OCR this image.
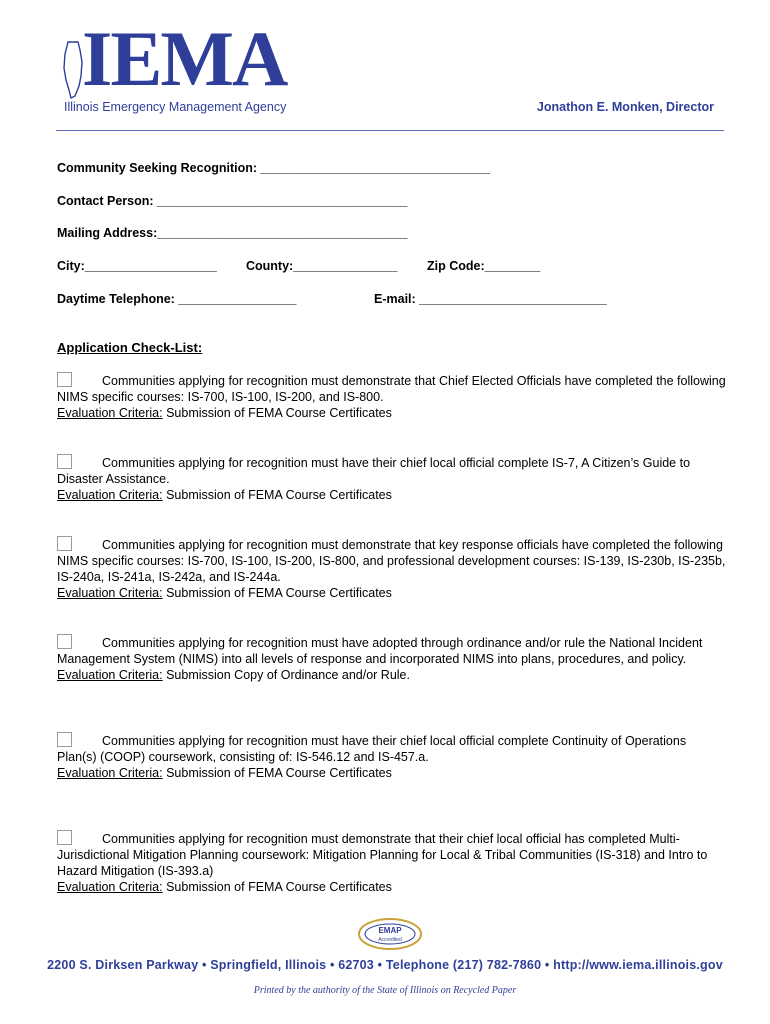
IEMA
Illinois Emergency Management Agency	Jonathon E. Monken, Director
Community Seeking Recognition: _________________________________
Contact Person: ____________________________________
Mailing Address:____________________________________
City:___________________ County:_______________ Zip Code:________
Daytime Telephone: _________________	E-mail: ___________________________
Application Check-List:
Communities applying for recognition must demonstrate that Chief Elected Officials have completed the following NIMS specific courses: IS-700, IS-100, IS-200, and IS-800.
Evaluation Criteria: Submission of FEMA Course Certificates
Communities applying for recognition must have their chief local official complete IS-7, A Citizen’s Guide to Disaster Assistance.
Evaluation Criteria: Submission of FEMA Course Certificates
Communities applying for recognition must demonstrate that key response officials have completed the following NIMS specific courses: IS-700, IS-100, IS-200, IS-800, and professional development courses: IS-139, IS-230b, IS-235b, IS-240a, IS-241a, IS-242a, and IS-244a.
Evaluation Criteria: Submission of FEMA Course Certificates
Communities applying for recognition must have adopted through ordinance and/or rule the National Incident Management System (NIMS) into all levels of response and incorporated NIMS into plans, procedures, and policy.
Evaluation Criteria: Submission Copy of Ordinance and/or Rule.
Communities applying for recognition must have their chief local official complete Continuity of Operations Plan(s) (COOP) coursework, consisting of: IS-546.12 and IS-457.a.
Evaluation Criteria: Submission of FEMA Course Certificates
Communities applying for recognition must demonstrate that their chief local official has completed Multi-Jurisdictional Mitigation Planning coursework: Mitigation Planning for Local & Tribal Communities (IS-318) and Intro to Hazard Mitigation (IS-393.a)
Evaluation Criteria: Submission of FEMA Course Certificates
EMAP
Accredited
2200 S. Dirksen Parkway • Springfield, Illinois • 62703 • Telephone (217) 782-7860 • http://www.iema.illinois.gov
Printed by the authority of the State of Illinois on Recycled Paper
